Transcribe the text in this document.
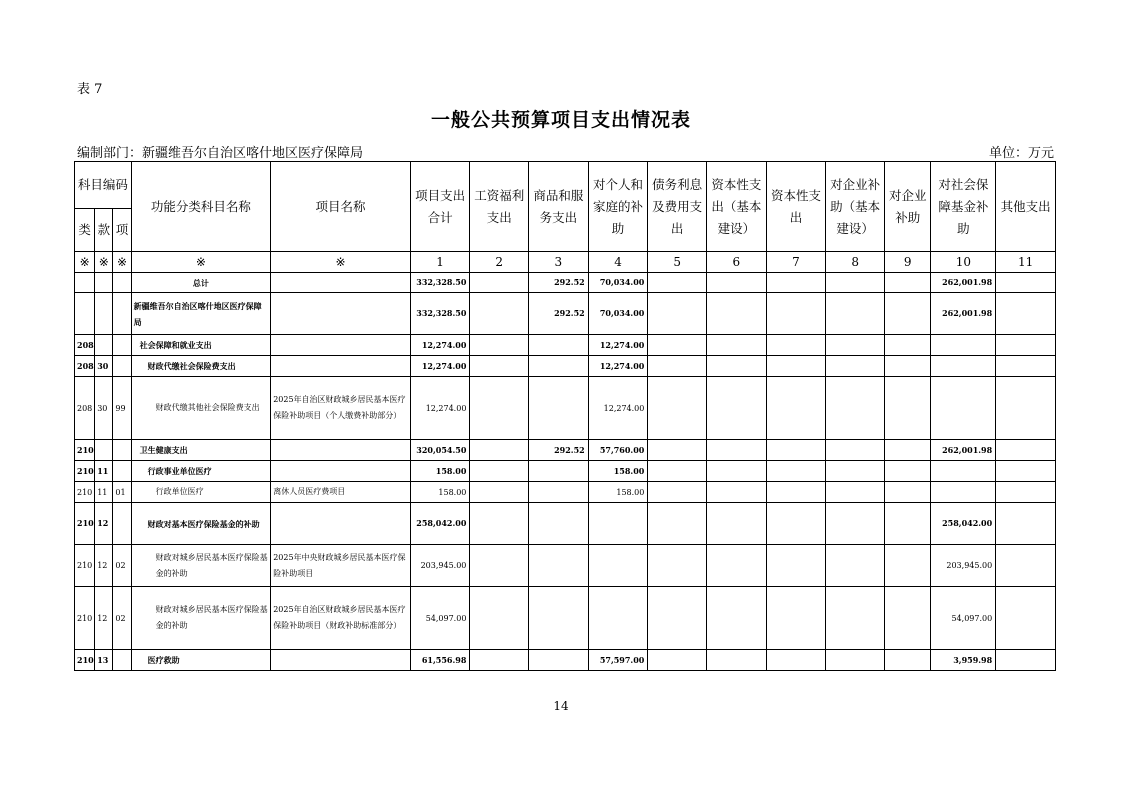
表 7
一般公共预算项目支出情况表
编制部门：新疆维吾尔自治区喀什地区医疗保障局	单位：万元
科目编码			功能分类科目名称	项目名称	项目支出合计	工资福利支出	商品和服务支出	对个人和家庭的补助	债务利息及费用支出	资本性支出（基本建设）	资本性支出	对企业补助（基本建设）	对企业补助	对社会保障基金补助	其他支出
类	款	项													
※	※	※	※	※	1	2	3	4	5	6	7	8	9	10	11
			总计		332,328.50		292.52	70,034.00						262,001.98	
			新疆维吾尔自治区喀什地区医疗保障局		332,328.50		292.52	70,034.00						262,001.98	
208			社会保障和就业支出		12,274.00			12,274.00							
208	30		财政代缴社会保险费支出		12,274.00			12,274.00							
208	30	99	财政代缴其他社会保险费支出	2025年自治区财政城乡居民基本医疗保险补助项目（个人缴费补助部分）	12,274.00			12,274.00							
210			卫生健康支出		320,054.50		292.52	57,760.00						262,001.98	
210	11		行政事业单位医疗		158.00			158.00							
210	11	01	行政单位医疗	离休人员医疗费项目	158.00			158.00							
210	12		财政对基本医疗保险基金的补助		258,042.00									258,042.00	
210	12	02	财政对城乡居民基本医疗保险基金的补助	2025年中央财政城乡居民基本医疗保险补助项目	203,945.00									203,945.00	
210	12	02	财政对城乡居民基本医疗保险基金的补助	2025年自治区财政城乡居民基本医疗保险补助项目（财政补助标准部分）	54,097.00									54,097.00	
210	13		医疗救助		61,556.98			57,597.00						3,959.98	
14
